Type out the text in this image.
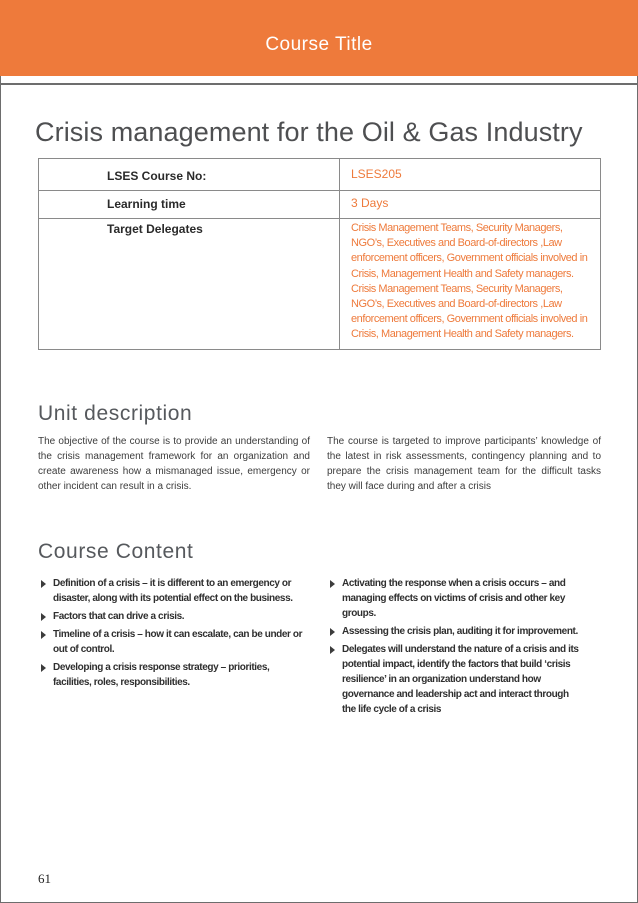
Course Title
Crisis management for the Oil & Gas Industry
LSES Course No:	LSES205
Learning time	3 Days
Target Delegates	Crisis Management Teams, Security Managers, NGO’s, Executives and Board-of-directors ,Law enforcement officers, Government officials involved in Crisis, Management Health and Safety managers. Crisis Management Teams, Security Managers, NGO’s, Executives and Board-of-directors ,Law enforcement officers, Government officials involved in Crisis, Management Health and Safety managers.
Unit description
The objective of the course is to provide an understanding of the crisis management framework for an organization and create awareness how a mismanaged issue, emergency or other incident can result in a crisis.
The course is targeted to improve participants’ knowledge of the latest in risk assessments, contingency planning and to prepare the crisis management team for the difficult tasks they will face during and after a crisis
Course Content
Definition of a crisis – it is different to an emergency or disaster, along with its potential effect on the business.
Factors that can drive a crisis.
Timeline of a crisis – how it can escalate, can be under or out of control.
Developing a crisis response strategy – priorities, facilities, roles, responsibilities.
Activating the response when a crisis occurs – and managing effects on victims of crisis and other key groups.
Assessing the crisis plan, auditing it for improvement.
Delegates will understand the nature of a crisis and its potential impact, identify the factors that build ‘crisis resilience’ in an organization understand how governance and leadership act and interact through the life cycle of a crisis
61
